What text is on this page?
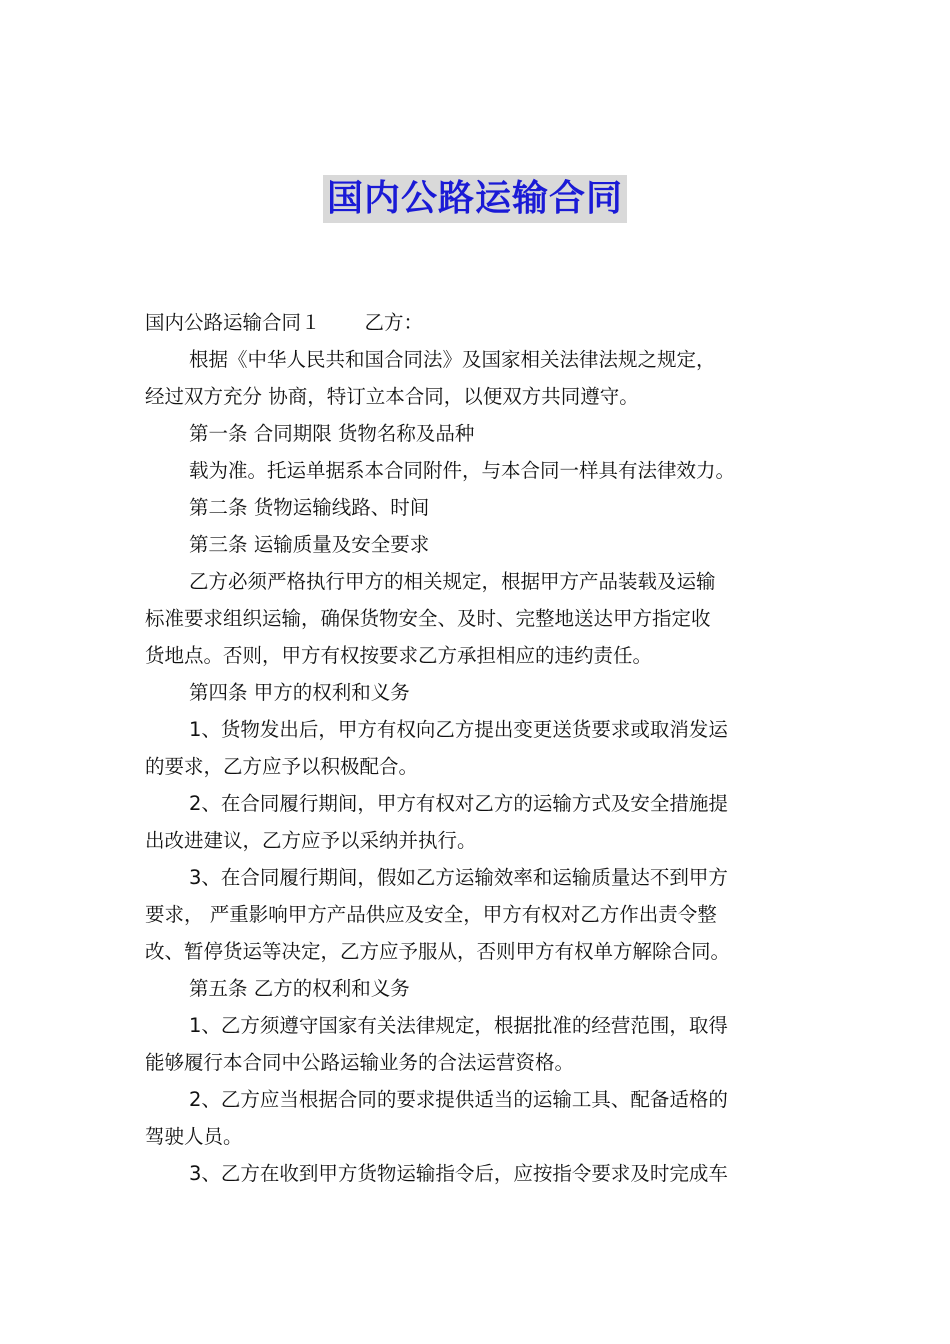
国内公路运输合同
国内公路运输合同１ 乙方：
根据《中华人民共和国合同法》及国家相关法律法规之规定，
经过双方充分 协商，特订立本合同，以便双方共同遵守。
第一条 合同期限 货物名称及品种
载为准。托运单据系本合同附件，与本合同一样具有法律效力。
第二条 货物运输线路、时间
第三条 运输质量及安全要求
乙方必须严格执行甲方的相关规定，根据甲方产品装载及运输
标准要求组织运输，确保货物安全、及时、完整地送达甲方指定收
货地点。否则，甲方有权按要求乙方承担相应的违约责任。
第四条 甲方的权利和义务
1、货物发出后，甲方有权向乙方提出变更送货要求或取消发运
的要求，乙方应予以积极配合。
2、在合同履行期间，甲方有权对乙方的运输方式及安全措施提
出改进建议，乙方应予以采纳并执行。
3、在合同履行期间，假如乙方运输效率和运输质量达不到甲方
要求， 严重影响甲方产品供应及安全，甲方有权对乙方作出责令整
改、暂停货运等决定，乙方应予服从，否则甲方有权单方解除合同。
第五条 乙方的权利和义务
1、乙方须遵守国家有关法律规定，根据批准的经营范围，取得
能够履行本合同中公路运输业务的合法运营资格。
2、乙方应当根据合同的要求提供适当的运输工具、配备适格的
驾驶人员。
3、乙方在收到甲方货物运输指令后，应按指令要求及时完成车
